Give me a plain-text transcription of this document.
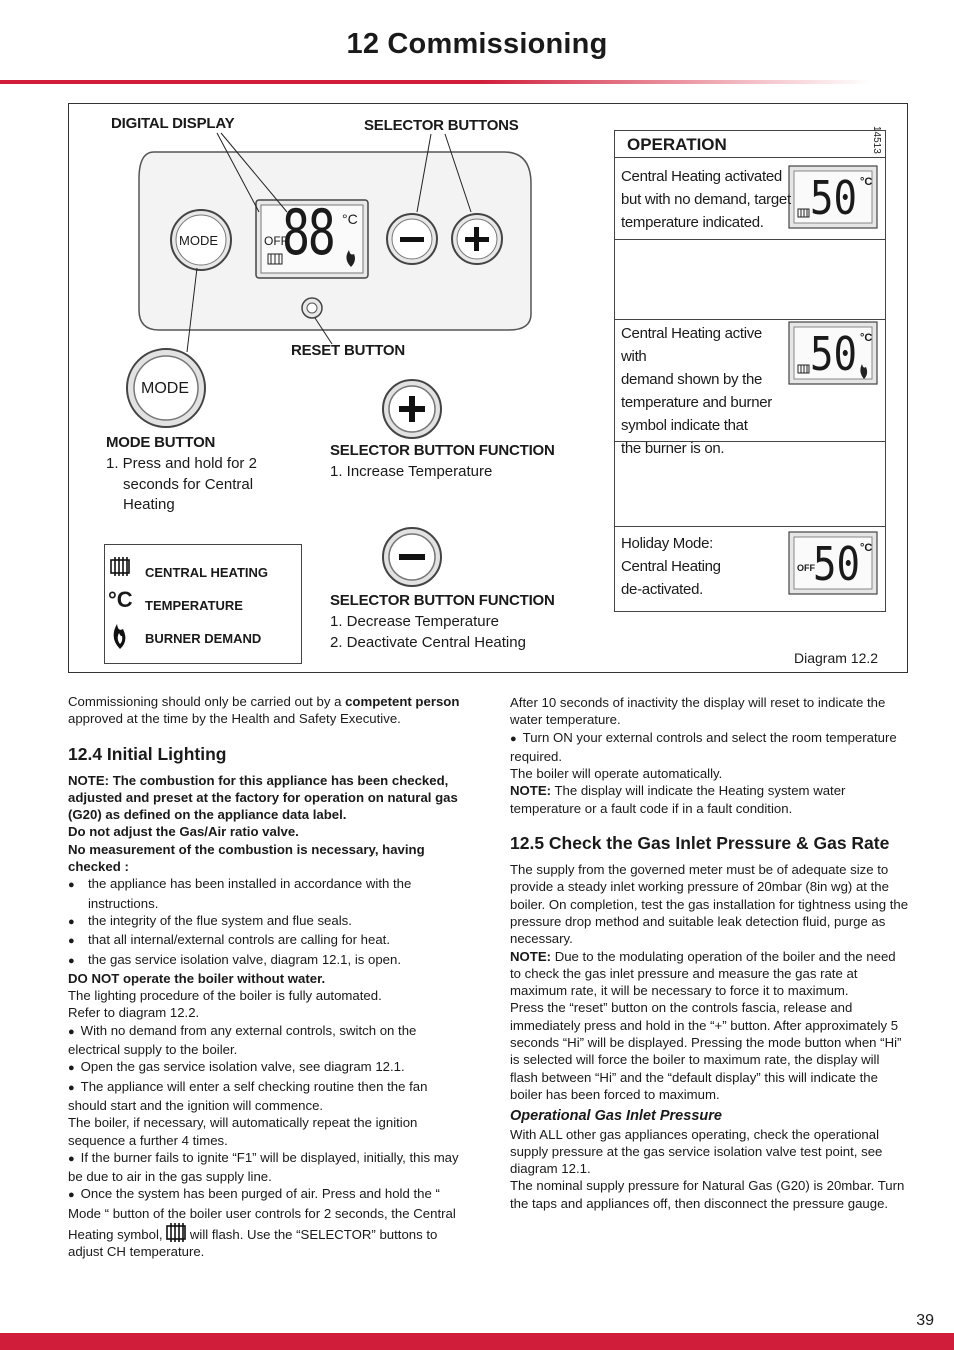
12 Commissioning
DIGITAL DISPLAY	SELECTOR BUTTONS
RESET BUTTON
14513
Diagram 12.2
MODE	OFF
88 °C
MODE
MODE BUTTON
1. Press and hold for 2
seconds for Central
Heating
SELECTOR BUTTON FUNCTION
1. Increase Temperature
SELECTOR BUTTON FUNCTION
1. Decrease Temperature
2. Deactivate Central Heating
CENTRAL HEATING
°C TEMPERATURE
BURNER DEMAND
OPERATION
Central Heating activated
but with no demand, target
temperature indicated.
Central Heating active with
demand shown by the
temperature and burner
symbol indicate that
the burner is on.
Holiday Mode:
Central Heating
de-activated.
50 °C
50 °C
OFF
50 °C

Commissioning should only be carried out by a competent person approved at the time by the Health and Safety Executive.

12.4 Initial Lighting

NOTE: The combustion for this appliance has been checked, adjusted and preset at the factory for operation on natural gas (G20) as defined on the appliance data label.

Do not adjust the Gas/Air ratio valve.

No measurement of the combustion is necessary, having checked :

● the appliance has been installed in accordance with the instructions.

● the integrity of the flue system and flue seals.

● that all internal/external controls are calling for heat.

● the gas service isolation valve, diagram 12.1, is open.

DO NOT operate the boiler without water.

The lighting procedure of the boiler is fully automated.

Refer to diagram 12.2.

● With no demand from any external controls, switch on the electrical supply to the boiler.

● Open the gas service isolation valve, see diagram 12.1.

● The appliance will enter a self checking routine then the fan should start and the ignition will commence.

The boiler, if necessary, will automatically repeat the ignition sequence a further 4 times.

● If the burner fails to ignite “F1” will be displayed, initially, this may be due to air in the gas supply line.

● Once the system has been purged of air. Press and hold the “ Mode “ button of the boiler user controls for 2 seconds, the Central Heating symbol,  will flash. Use the “SELECTOR” buttons to adjust CH temperature.

After 10 seconds of inactivity the display will reset to indicate the water temperature.

● Turn ON your external controls and select the room temperature required.

The boiler will operate automatically.

NOTE: The display will indicate the Heating system water temperature or a fault code if in a fault condition.

12.5 Check the Gas Inlet Pressure & Gas Rate

The supply from the governed meter must be of adequate size to provide a steady inlet working pressure of 20mbar (8in wg) at the boiler. On completion, test the gas installation for tightness using the pressure drop method and suitable leak detection fluid, purge as necessary.

NOTE: Due to the modulating operation of the boiler and the need to check the gas inlet pressure and measure the gas rate at maximum rate, it will be necessary to force it to maximum.

Press the “reset” button on the controls fascia, release and immediately press and hold in the “+” button. After approximately 5 seconds “Hi” will be displayed. Pressing the mode button when “Hi” is selected will force the boiler to maximum rate, the display will flash between “Hi” and the “default display” this will indicate the boiler has been forced to maximum.

Operational Gas Inlet Pressure

With ALL other gas appliances operating, check the operational supply pressure at the gas service isolation valve test point, see diagram 12.1.

The nominal supply pressure for Natural Gas (G20) is 20mbar. Turn the taps and appliances off, then disconnect the pressure gauge.

39
